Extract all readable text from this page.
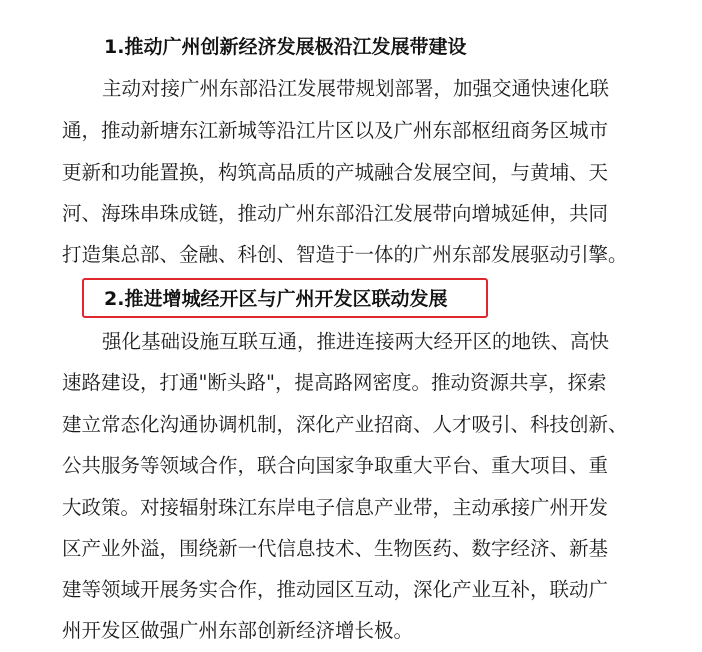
1.推动广州创新经济发展极沿江发展带建设
主动对接广州东部沿江发展带规划部署，加强交通快速化联
通，推动新塘东江新城等沿江片区以及广州东部枢纽商务区城市
更新和功能置换，构筑高品质的产城融合发展空间，与黄埔、天
河、海珠串珠成链，推动广州东部沿江发展带向增城延伸，共同
打造集总部、金融、科创、智造于一体的广州东部发展驱动引擎。
2.推进增城经开区与广州开发区联动发展
强化基础设施互联互通，推进连接两大经开区的地铁、高快
速路建设，打通"断头路"，提高路网密度。推动资源共享，探索
建立常态化沟通协调机制，深化产业招商、人才吸引、科技创新、
公共服务等领域合作，联合向国家争取重大平台、重大项目、重
大政策。对接辐射珠江东岸电子信息产业带，主动承接广州开发
区产业外溢，围绕新一代信息技术、生物医药、数字经济、新基
建等领域开展务实合作，推动园区互动，深化产业互补，联动广
州开发区做强广州东部创新经济增长极。
